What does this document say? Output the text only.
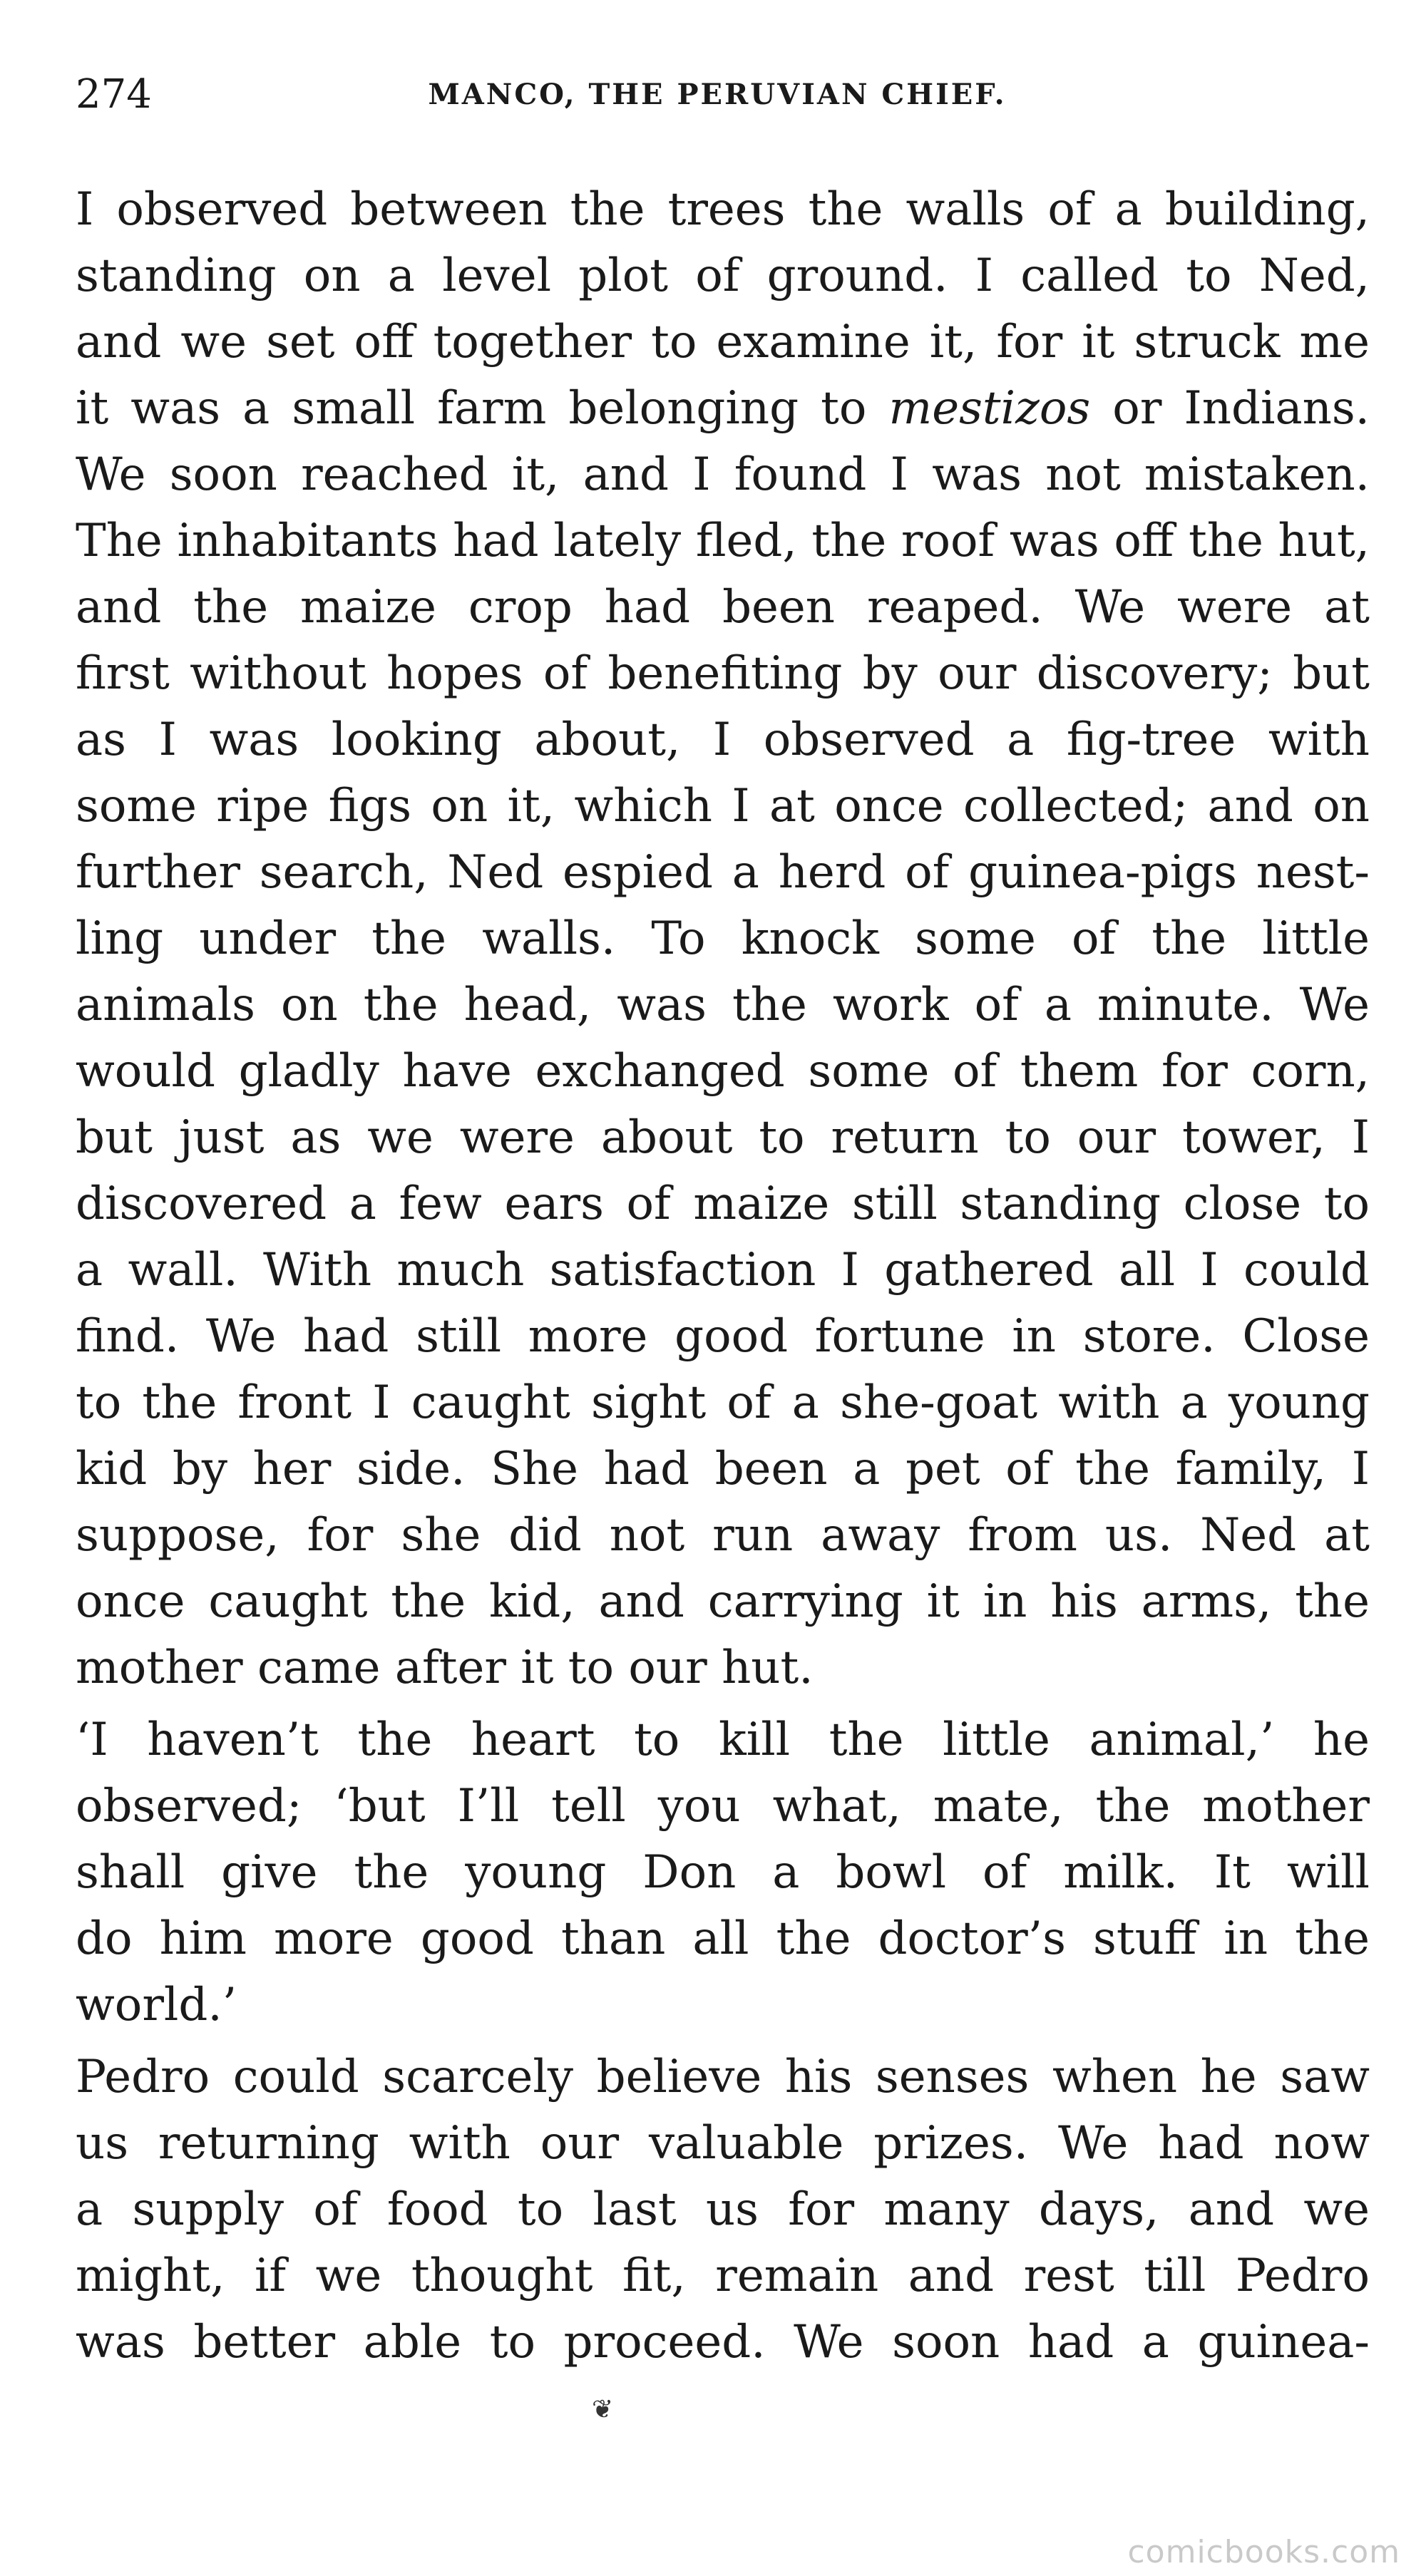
274	MANCO, THE PERUVIAN CHIEF.
I observed between the trees the walls of a building,
standing on a level plot of ground. I called to Ned,
and we set off together to examine it, for it struck me
it was a small farm belonging to mestizos or Indians.
We soon reached it, and I found I was not mistaken.
The inhabitants had lately fled, the roof was off the hut,
and the maize crop had been reaped. We were at
first without hopes of benefiting by our discovery; but
as I was looking about, I observed a fig-tree with
some ripe figs on it, which I at once collected; and on
further search, Ned espied a herd of guinea-pigs nest-
ling under the walls. To knock some of the little
animals on the head, was the work of a minute. We
would gladly have exchanged some of them for corn,
but just as we were about to return to our tower, I
discovered a few ears of maize still standing close to
a wall. With much satisfaction I gathered all I could
find. We had still more good fortune in store. Close
to the front I caught sight of a she-goat with a young
kid by her side. She had been a pet of the family, I
suppose, for she did not run away from us. Ned at
once caught the kid, and carrying it in his arms, the
mother came after it to our hut.
‘I haven’t the heart to kill the little animal,’ he
observed; ‘but I’ll tell you what, mate, the mother
shall give the young Don a bowl of milk. It will
do him more good than all the doctor’s stuff in the
world.’
Pedro could scarcely believe his senses when he saw
us returning with our valuable prizes. We had now
a supply of food to last us for many days, and we
might, if we thought fit, remain and rest till Pedro
was better able to proceed. We soon had a guinea-
❦
comicbooks.com
